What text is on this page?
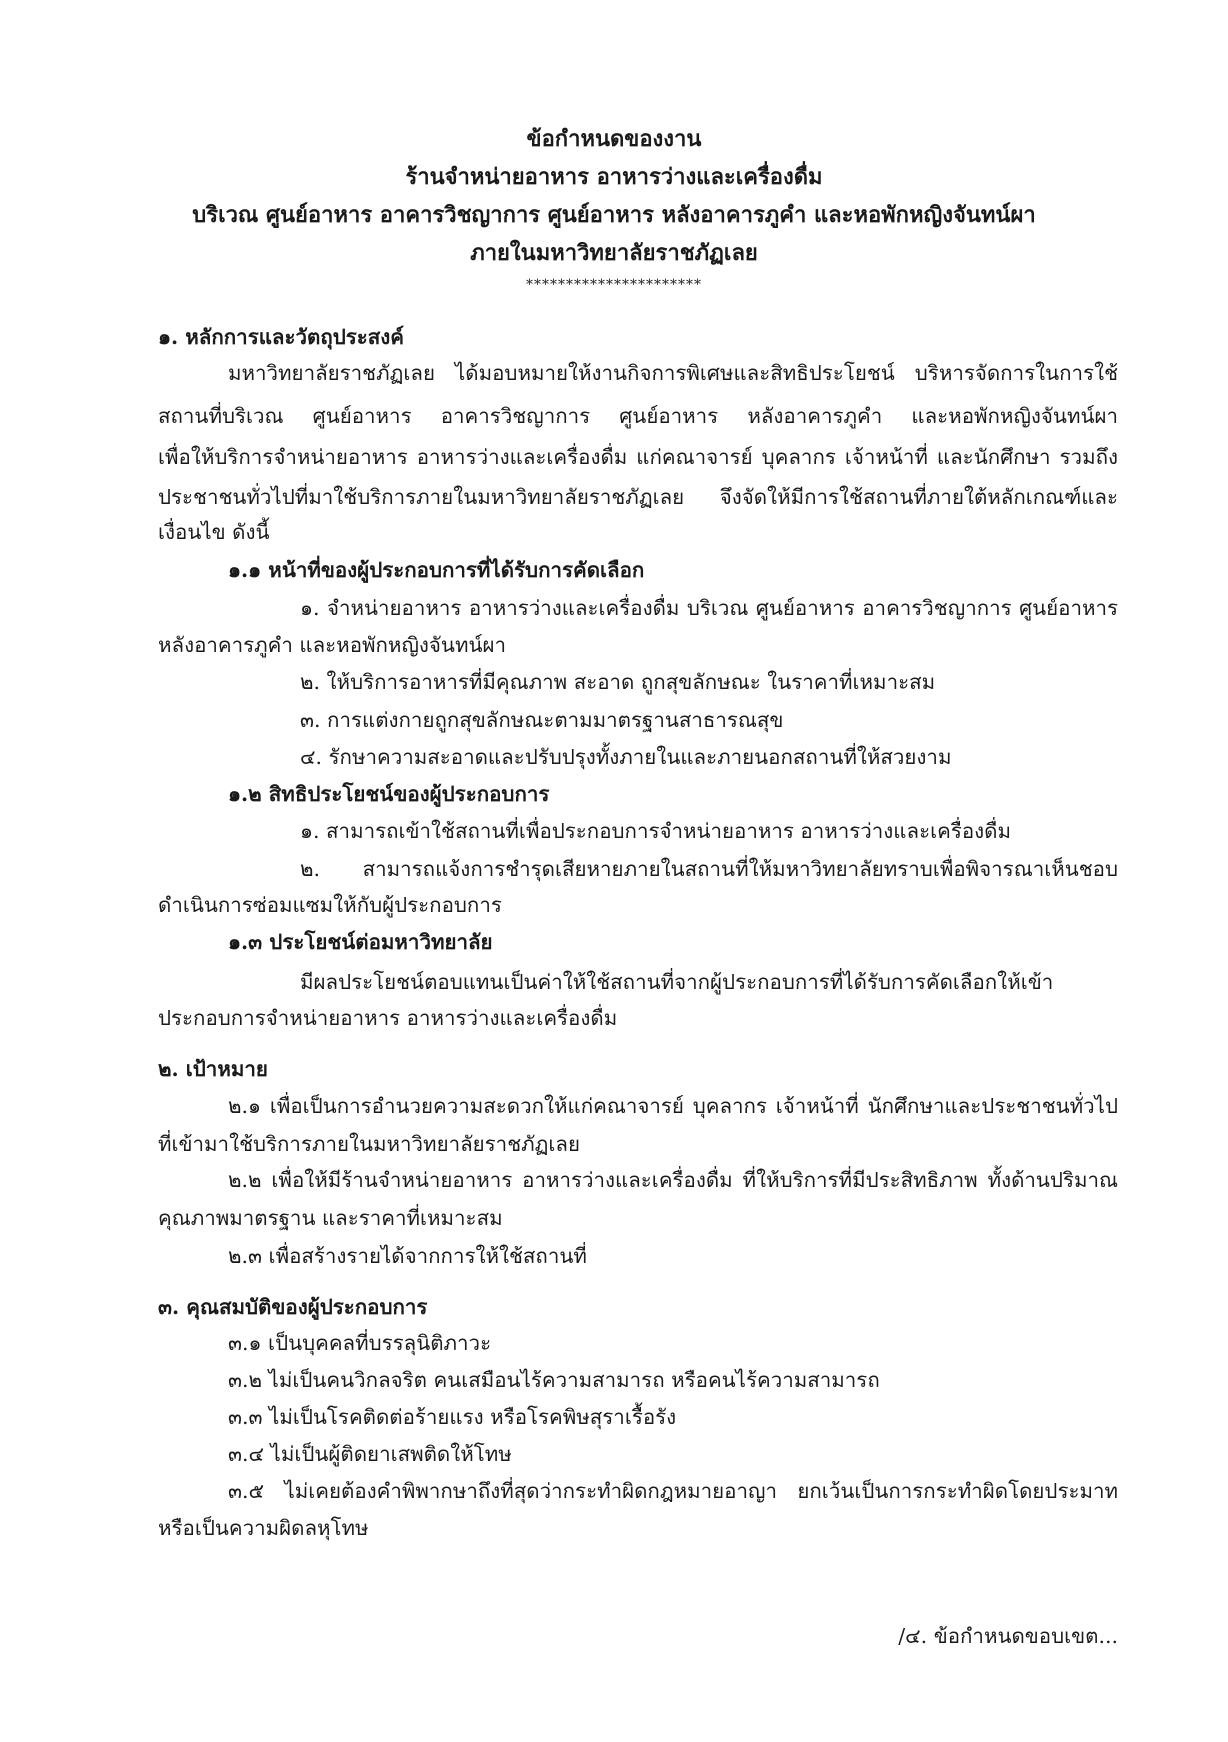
ข้อกำหนดของงาน
ร้านจำหน่ายอาหาร อาหารว่างและเครื่องดื่ม
บริเวณ ศูนย์อาหาร อาคารวิชญาการ ศูนย์อาหาร หลังอาคารภูคำ และหอพักหญิงจันทน์ผา
ภายในมหาวิทยาลัยราชภัฏเลย
**********************
๑. หลักการและวัตถุประสงค์
มหาวิทยาลัยราชภัฏเลย ได้มอบหมายให้งานกิจการพิเศษและสิทธิประโยชน์ บริหารจัดการในการใช้
สถานที่บริเวณ ศูนย์อาหาร อาคารวิชญาการ ศูนย์อาหาร หลังอาคารภูคำ และหอพักหญิงจันทน์ผา
เพื่อให้บริการจำหน่ายอาหาร อาหารว่างและเครื่องดื่ม แก่คณาจารย์ บุคลากร เจ้าหน้าที่ และนักศึกษา รวมถึง
ประชาชนทั่วไปที่มาใช้บริการภายในมหาวิทยาลัยราชภัฏเลย จึงจัดให้มีการใช้สถานที่ภายใต้หลักเกณฑ์และ
เงื่อนไข ดังนี้
๑.๑ หน้าที่ของผู้ประกอบการที่ได้รับการคัดเลือก
๑. จำหน่ายอาหาร อาหารว่างและเครื่องดื่ม บริเวณ ศูนย์อาหาร อาคารวิชญาการ ศูนย์อาหาร
หลังอาคารภูคำ และหอพักหญิงจันทน์ผา
๒. ให้บริการอาหารที่มีคุณภาพ สะอาด ถูกสุขลักษณะ ในราคาที่เหมาะสม
๓. การแต่งกายถูกสุขลักษณะตามมาตรฐานสาธารณสุข
๔. รักษาความสะอาดและปรับปรุงทั้งภายในและภายนอกสถานที่ให้สวยงาม
๑.๒ สิทธิประโยชน์ของผู้ประกอบการ
๑. สามารถเข้าใช้สถานที่เพื่อประกอบการจำหน่ายอาหาร อาหารว่างและเครื่องดื่ม
๒. สามารถแจ้งการชำรุดเสียหายภายในสถานที่ให้มหาวิทยาลัยทราบเพื่อพิจารณาเห็นชอบ
ดำเนินการซ่อมแซมให้กับผู้ประกอบการ
๑.๓ ประโยชน์ต่อมหาวิทยาลัย
มีผลประโยชน์ตอบแทนเป็นค่าให้ใช้สถานที่จากผู้ประกอบการที่ได้รับการคัดเลือกให้เข้า
ประกอบการจำหน่ายอาหาร อาหารว่างและเครื่องดื่ม
๒. เป้าหมาย
๒.๑ เพื่อเป็นการอำนวยความสะดวกให้แก่คณาจารย์ บุคลากร เจ้าหน้าที่ นักศึกษาและประชาชนทั่วไป
ที่เข้ามาใช้บริการภายในมหาวิทยาลัยราชภัฏเลย
๒.๒ เพื่อให้มีร้านจำหน่ายอาหาร อาหารว่างและเครื่องดื่ม ที่ให้บริการที่มีประสิทธิภาพ ทั้งด้านปริมาณ
คุณภาพมาตรฐาน และราคาที่เหมาะสม
๒.๓ เพื่อสร้างรายได้จากการให้ใช้สถานที่
๓. คุณสมบัติของผู้ประกอบการ
๓.๑ เป็นบุคคลที่บรรลุนิติภาวะ
๓.๒ ไม่เป็นคนวิกลจริต คนเสมือนไร้ความสามารถ หรือคนไร้ความสามารถ
๓.๓ ไม่เป็นโรคติดต่อร้ายแรง หรือโรคพิษสุราเรื้อรัง
๓.๔ ไม่เป็นผู้ติดยาเสพติดให้โทษ
๓.๕ ไม่เคยต้องคำพิพากษาถึงที่สุดว่ากระทำผิดกฎหมายอาญา ยกเว้นเป็นการกระทำผิดโดยประมาท
หรือเป็นความผิดลหุโทษ
/๔. ข้อกำหนดขอบเขต...
